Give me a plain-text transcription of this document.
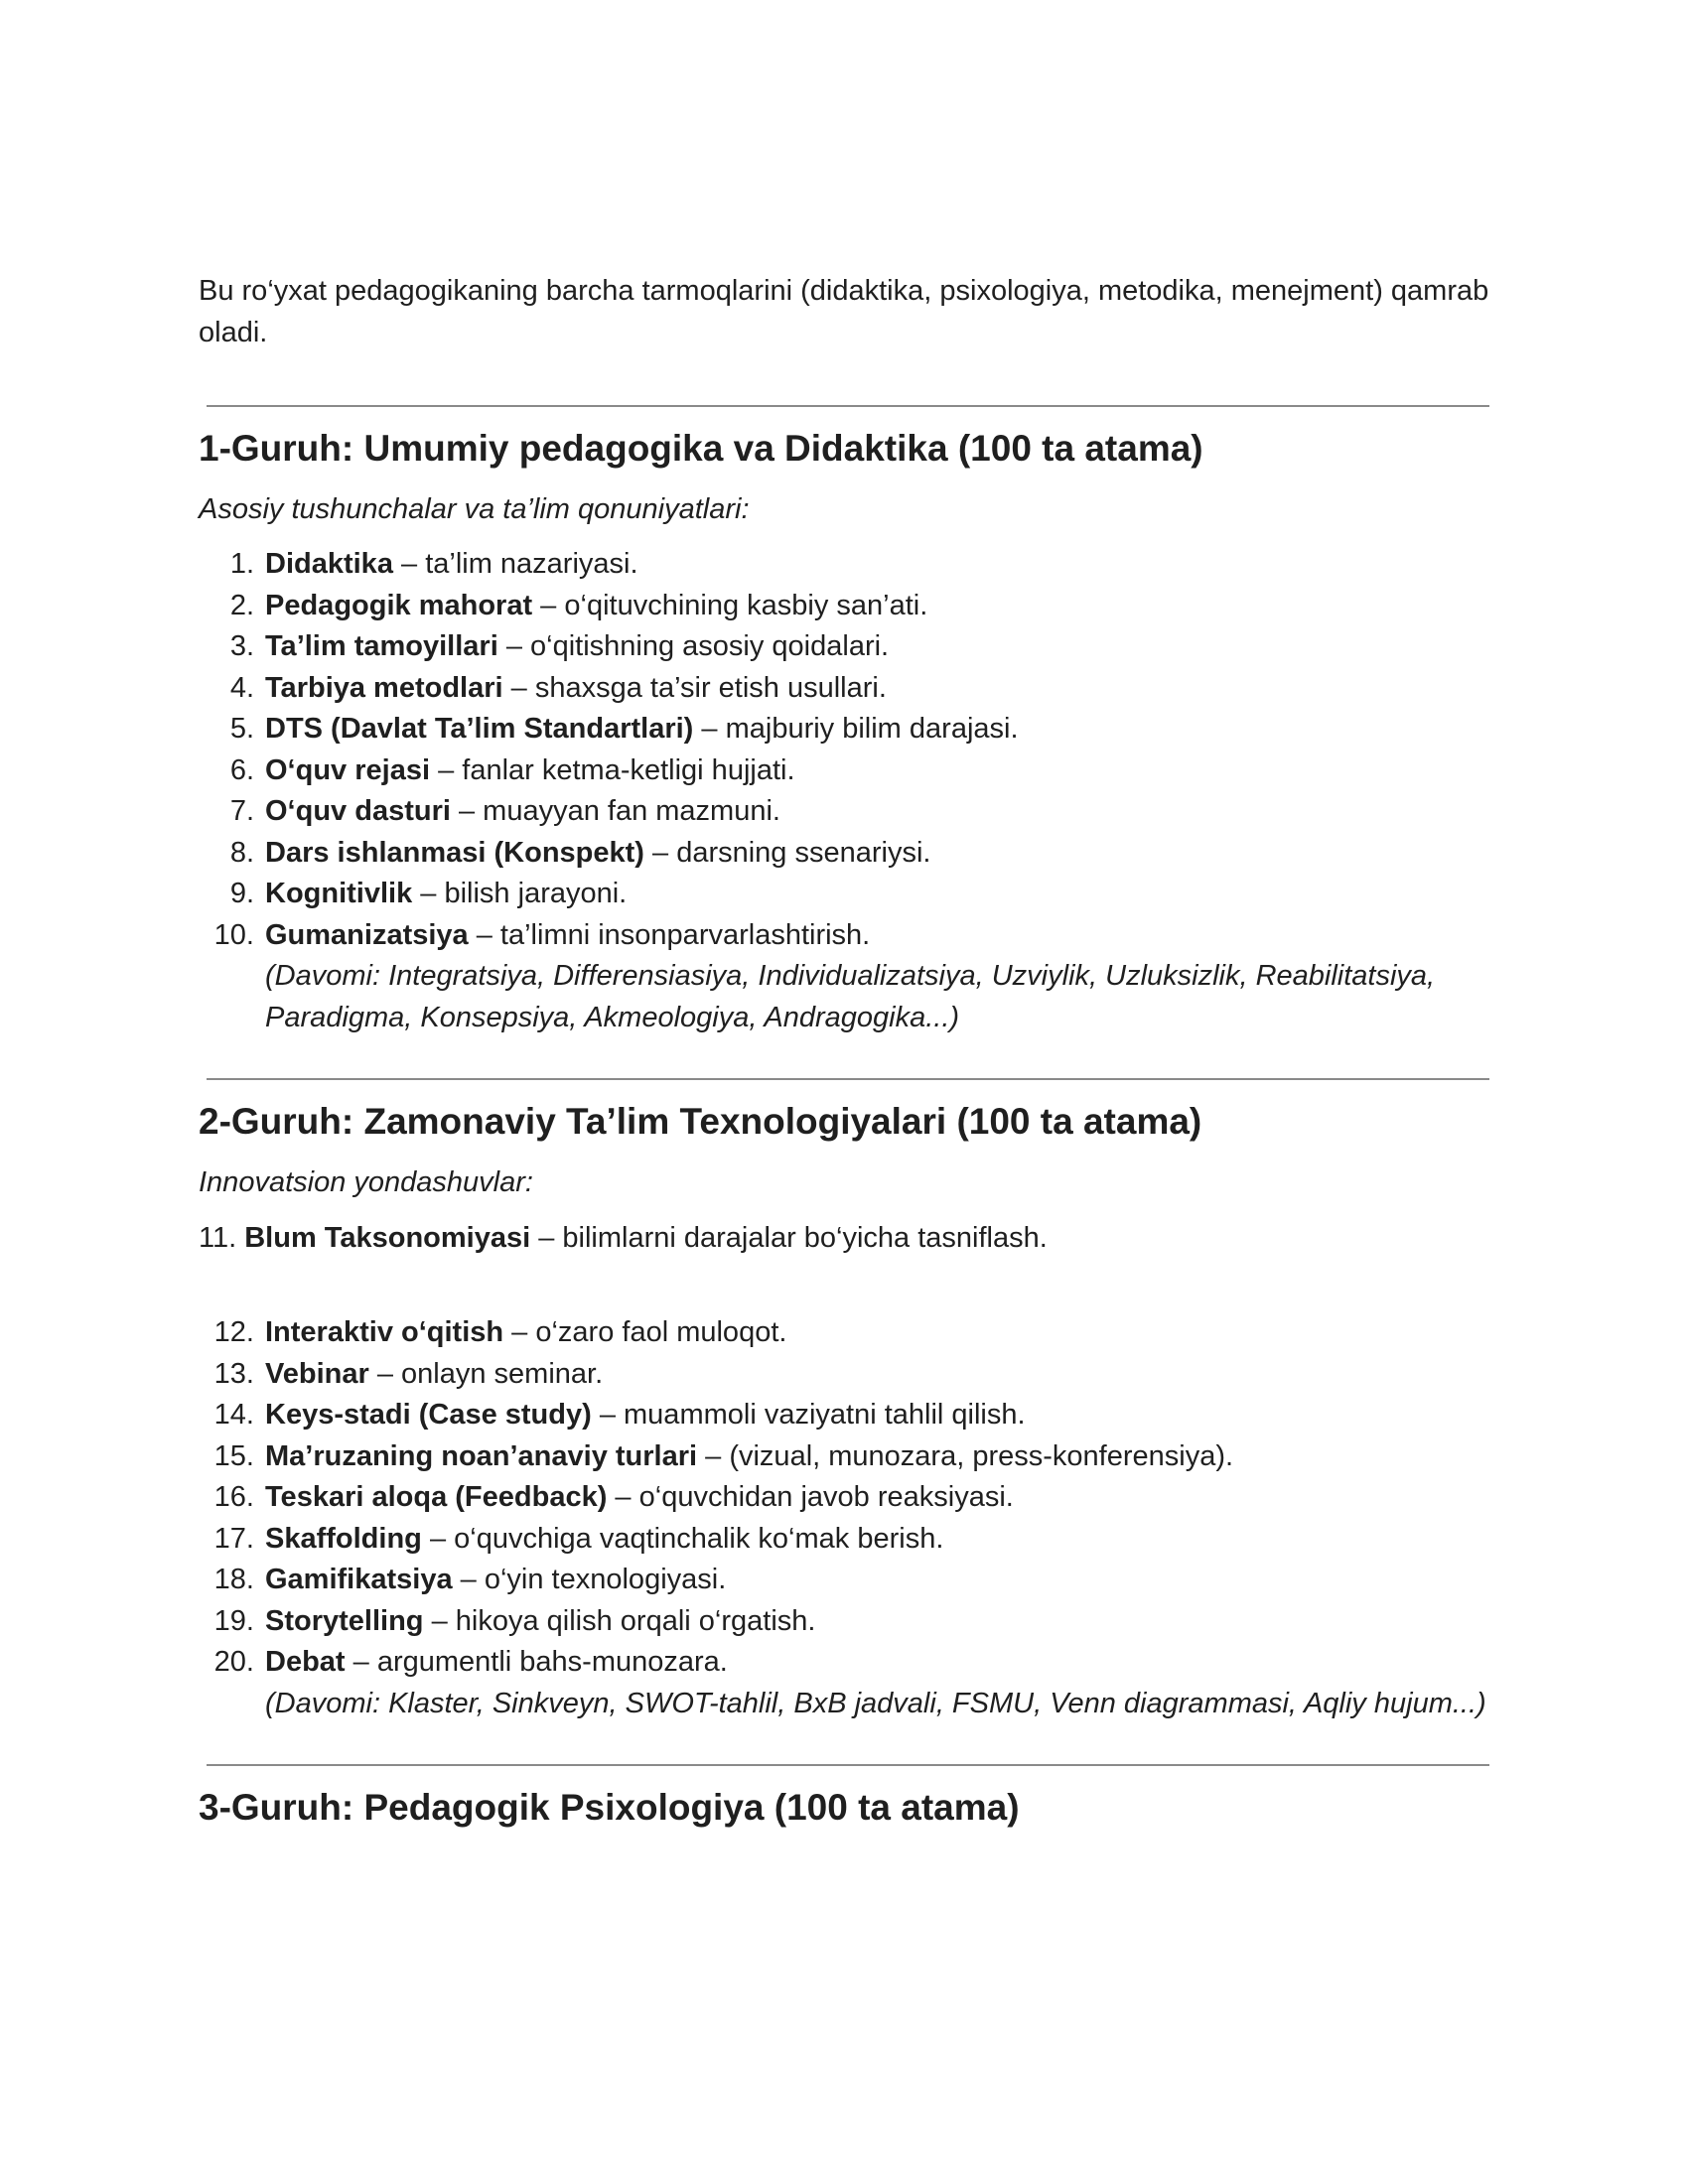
Bu ro‘yxat pedagogikaning barcha tarmoqlarini (didaktika, psixologiya, metodika, menejment) qamrab oladi.

1-Guruh: Umumiy pedagogika va Didaktika (100 ta atama)

Asosiy tushunchalar va ta’lim qonuniyatlari:

1. Didaktika – ta’lim nazariyasi.
2. Pedagogik mahorat – o‘qituvchining kasbiy san’ati.
3. Ta’lim tamoyillari – o‘qitishning asosiy qoidalari.
4. Tarbiya metodlari – shaxsga ta’sir etish usullari.
5. DTS (Davlat Ta’lim Standartlari) – majburiy bilim darajasi.
6. O‘quv rejasi – fanlar ketma-ketligi hujjati.
7. O‘quv dasturi – muayyan fan mazmuni.
8. Dars ishlanmasi (Konspekt) – darsning ssenariysi.
9. Kognitivlik – bilish jarayoni.
10. Gumanizatsiya – ta’limni insonparvarlashtirish.

(Davomi: Integratsiya, Differensiasiya, Individualizatsiya, Uzviylik, Uzluksizlik, Reabilitatsiya, Paradigma, Konsepsiya, Akmeologiya, Andragogika...)

2-Guruh: Zamonaviy Ta’lim Texnologiyalari (100 ta atama)

Innovatsion yondashuvlar:

11. Blum Taksonomiyasi – bilimlarni darajalar bo‘yicha tasniflash.

12. Interaktiv o‘qitish – o‘zaro faol muloqot.
13. Vebinar – onlayn seminar.
14. Keys-stadi (Case study) – muammoli vaziyatni tahlil qilish.
15. Ma’ruzaning noan’anaviy turlari – (vizual, munozara, press-konferensiya).
16. Teskari aloqa (Feedback) – o‘quvchidan javob reaksiyasi.
17. Skaffolding – o‘quvchiga vaqtinchalik ko‘mak berish.
18. Gamifikatsiya – o‘yin texnologiyasi.
19. Storytelling – hikoya qilish orqali o‘rgatish.
20. Debat – argumentli bahs-munozara.

(Davomi: Klaster, Sinkveyn, SWOT-tahlil, BxB jadvali, FSMU, Venn diagrammasi, Aqliy hujum...)

3-Guruh: Pedagogik Psixologiya (100 ta atama)
